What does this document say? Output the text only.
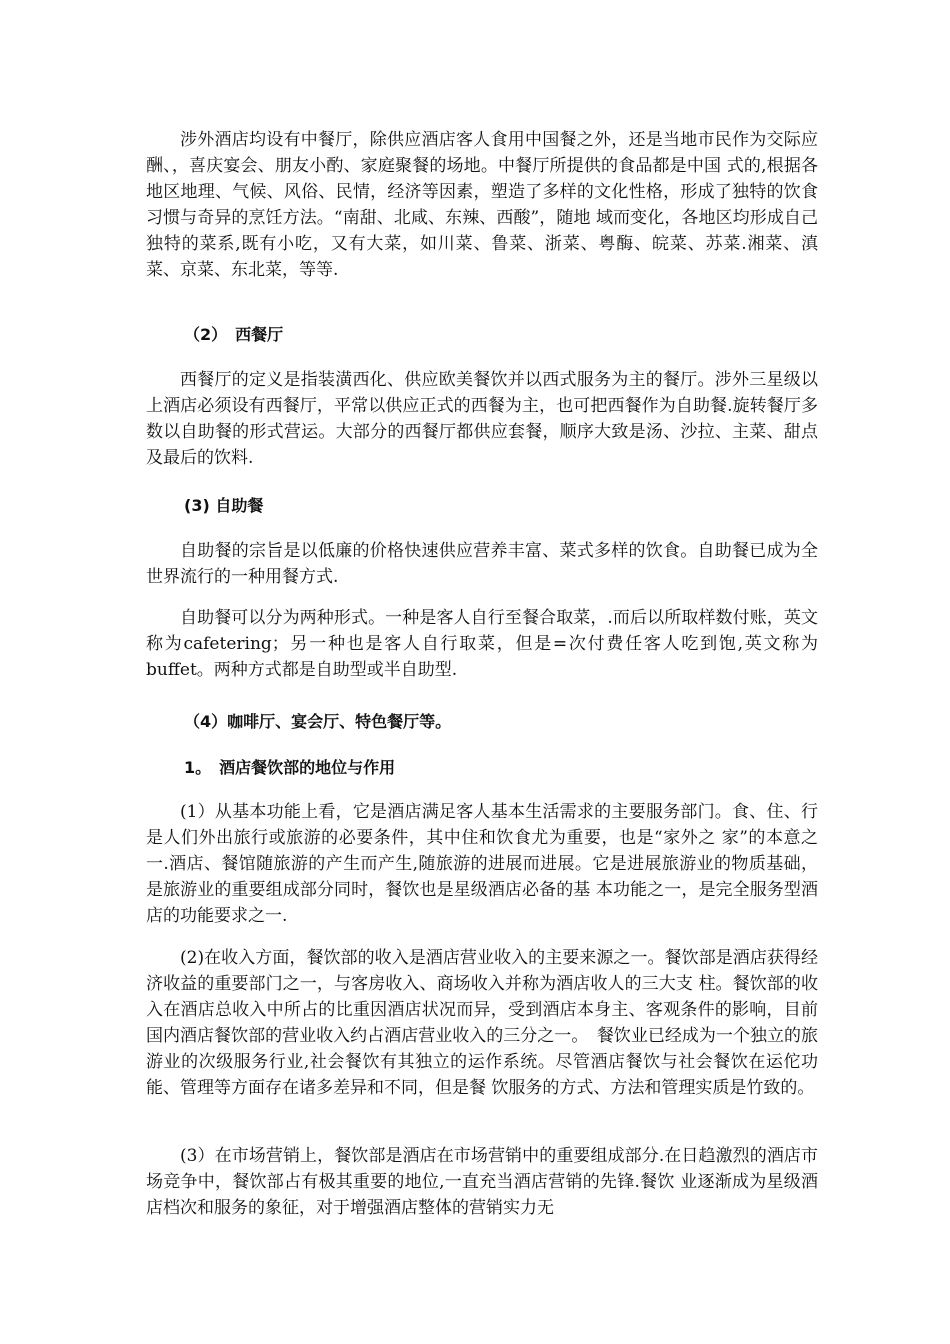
涉外酒店均设有中餐厅，除供应酒店客人食用中国餐之外，还是当地市民作为交际应酬、，喜庆宴会、朋友小酌、家庭聚餐的场地。中餐厅所提供的食品都是中国 式的,根据各地区地理、气候、风俗、民情，经济等因素，塑造了多样的文化性格，形成了独特的饮食习惯与奇异的烹饪方法。“南甜、北咸、东辣、西酸”，随地 域而变化，各地区均形成自己独特的菜系,既有小吃，又有大菜，如川菜、鲁菜、浙菜、粤酶、皖菜、苏菜.湘菜、滇菜、京菜、东北菜，等等.

（2）　西餐厅

西餐厅的定义是指装潢西化、供应欧美餐饮并以西式服务为主的餐厅。涉外三星级以上酒店必须设有西餐厅，平常以供应正式的西餐为主，也可把西餐作为自助餐.旋转餐厅多数以自助餐的形式营运。大部分的西餐厅都供应套餐，顺序大致是汤、沙拉、主菜、甜点及最后的饮料.

(3) 自助餐

自助餐的宗旨是以低廉的价格快速供应营养丰富、菜式多样的饮食。自助餐已成为全世界流行的一种用餐方式.

自助餐可以分为两种形式。一种是客人自行至餐合取菜，.而后以所取样数付账，英文称为cafetering；另一种也是客人自行取菜，但是=次付费任客人吃到饱,英文称为buffet。两种方式都是自助型或半自助型.

（4）咖啡厅、宴会厅、特色餐厅等。

1。　酒店餐饮部的地位与作用

(1）从基本功能上看，它是酒店满足客人基本生活需求的主要服务部门。食、住、行是人们外出旅行或旅游的必要条件，其中住和饮食尤为重要，也是“家外之 家”的本意之一.酒店、餐馆随旅游的产生而产生,随旅游的进展而进展。它是进展旅游业的物质基础，是旅游业的重要组成部分同时，餐饮也是星级酒店必备的基 本功能之一，是完全服务型酒店的功能要求之一.

(2)在收入方面，餐饮部的收入是酒店营业收入的主要来源之一。餐饮部是酒店获得经济收益的重要部门之一，与客房收入、商场收入并称为酒店收人的三大支 柱。餐饮部的收入在酒店总收入中所占的比重因酒店状况而异，受到酒店本身主、客观条件的影响，目前国内酒店餐饮部的营业收入约占酒店营业收入的三分之一。　餐饮业已经成为一个独立的旅游业的次级服务行业,社会餐饮有其独立的运作系统。尽管酒店餐饮与社会餐饮在运佗功能、管理等方面存在诸多差异和不同，但是餐 饮服务的方式、方法和管理实质是竹致的。

(3）在市场营销上，餐饮部是酒店在市场营销中的重要组成部分.在日趋激烈的酒店市场竞争中，餐饮部占有极其重要的地位,一直充当酒店营销的先锋.餐饮 业逐渐成为星级酒店档次和服务的象征，对于增强酒店整体的营销实力无
